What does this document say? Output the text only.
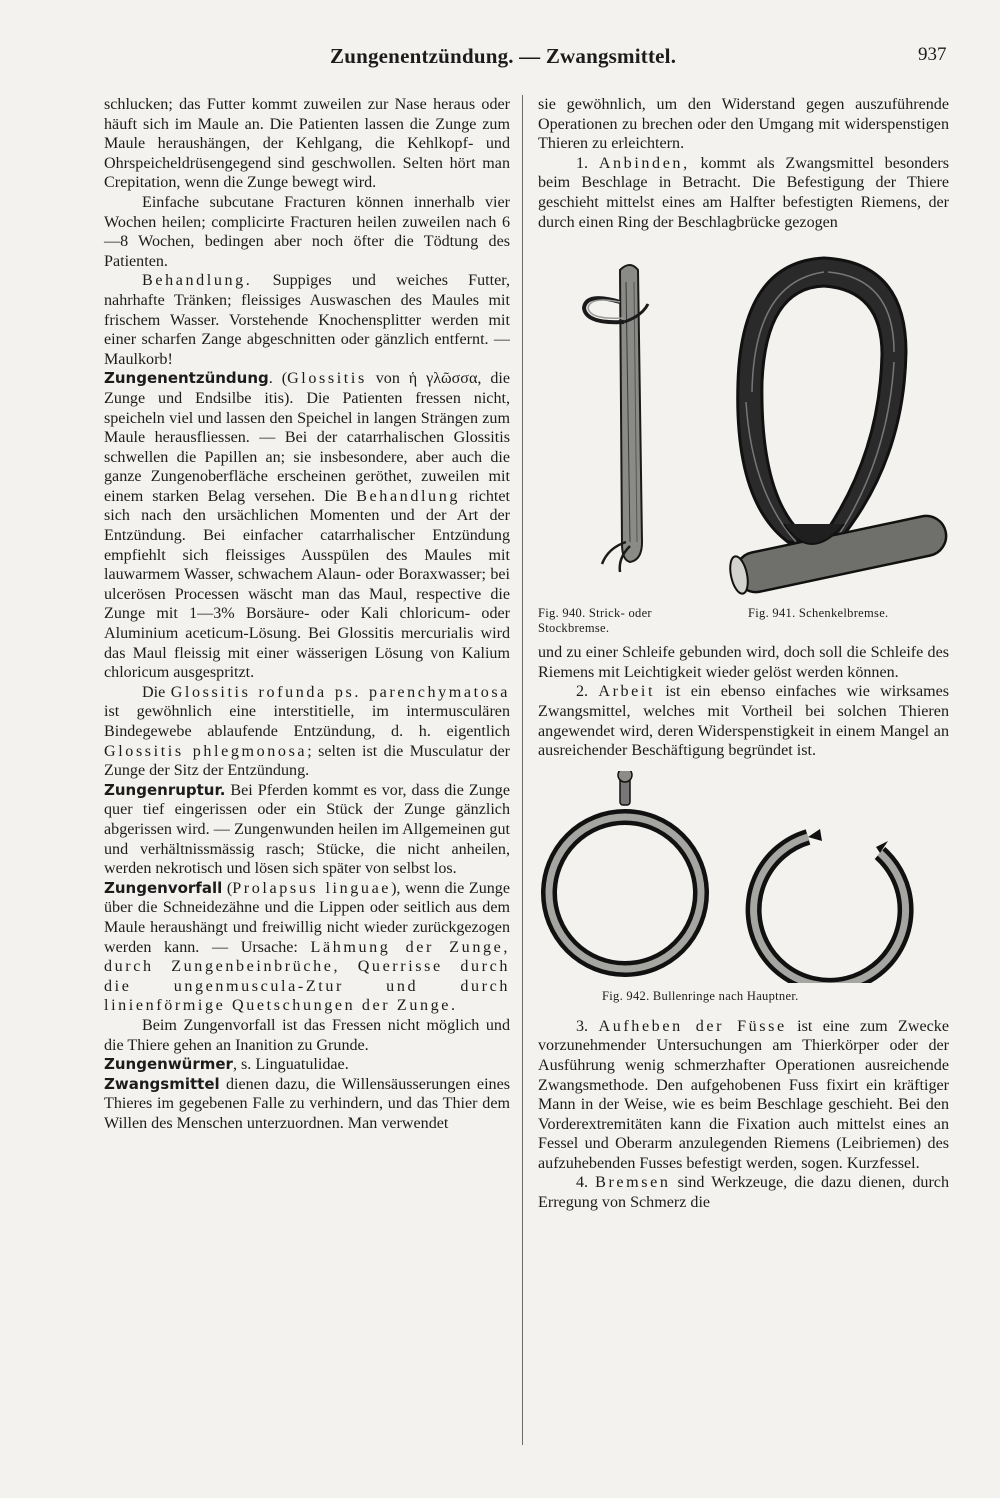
Zungenentzündung. — Zwangsmittel.	937

schlucken; das Futter kommt zuweilen zur Nase heraus oder häuft sich im Maule an. Die Patienten lassen die Zunge zum Maule heraushängen, der Kehlgang, die Kehlkopf- und Ohrspeicheldrüsengegend sind geschwollen. Selten hört man Crepitation, wenn die Zunge bewegt wird.

Einfache subcutane Fracturen können innerhalb vier Wochen heilen; complicirte Fracturen heilen zuweilen nach 6—8 Wochen, bedingen aber noch öfter die Tödtung des Patienten.

Behandlung. Suppiges und weiches Futter, nahrhafte Tränken; fleissiges Auswaschen des Maules mit frischem Wasser. Vorstehende Knochensplitter werden mit einer scharfen Zange abgeschnitten oder gänzlich entfernt. — Maulkorb!

Zungenentzündung. (Glossitis von ἡ γλῶσσα, die Zunge und Endsilbe itis). Die Patienten fressen nicht, speicheln viel und lassen den Speichel in langen Strängen zum Maule herausfliessen. — Bei der catarrhalischen Glossitis schwellen die Papillen an; sie insbesondere, aber auch die ganze Zungenoberfläche erscheinen geröthet, zuweilen mit einem starken Belag versehen. Die Behandlung richtet sich nach den ursächlichen Momenten und der Art der Entzündung. Bei einfacher catarrhalischer Entzündung empfiehlt sich fleissiges Ausspülen des Maules mit lauwarmem Wasser, schwachem Alaun- oder Boraxwasser; bei ulcerösen Processen wäscht man das Maul, respective die Zunge mit 1—3% Borsäure- oder Kali chloricum- oder Aluminium aceticum-Lösung. Bei Glossitis mercurialis wird das Maul fleissig mit einer wässerigen Lösung von Kalium chloricum ausgespritzt.

Die Glossitis rofunda ps. parenchymatosa ist gewöhnlich eine interstitielle, im intermusculären Bindegewebe ablaufende Entzündung, d. h. eigentlich Glossitis phlegmonosa; selten ist die Musculatur der Zunge der Sitz der Entzündung.

Zungenruptur. Bei Pferden kommt es vor, dass die Zunge quer tief eingerissen oder ein Stück der Zunge gänzlich abgerissen wird. — Zungenwunden heilen im Allgemeinen gut und verhältnissmässig rasch; Stücke, die nicht anheilen, werden nekrotisch und lösen sich später von selbst los.

Zungenvorfall (Prolapsus linguae), wenn die Zunge über die Schneidezähne und die Lippen oder seitlich aus dem Maule heraushängt und freiwillig nicht wieder zurückgezogen werden kann. — Ursache: Lähmung der Zunge, durch Zungenbeinbrüche, Querrisse durch die ungenmuscula-Ztur und durch linienförmige Quetschungen der Zunge.

Beim Zungenvorfall ist das Fressen nicht möglich und die Thiere gehen an Inanition zu Grunde.

Zungenwürmer, s. Linguatulidae.

Zwangsmittel dienen dazu, die Willensäusserungen eines Thieres im gegebenen Falle zu verhindern, und das Thier dem Willen des Menschen unterzuordnen. Man verwendet

sie gewöhnlich, um den Widerstand gegen auszuführende Operationen zu brechen oder den Umgang mit widerspenstigen Thieren zu erleichtern.

1. Anbinden, kommt als Zwangsmittel besonders beim Beschlage in Betracht. Die Befestigung der Thiere geschieht mittelst eines am Halfter befestigten Riemens, der durch einen Ring der Beschlagbrücke gezogen

Fig. 940. Strick- oder Stockbremse.
Fig. 941. Schenkelbremse.

und zu einer Schleife gebunden wird, doch soll die Schleife des Riemens mit Leichtigkeit wieder gelöst werden können.

2. Arbeit ist ein ebenso einfaches wie wirksames Zwangsmittel, welches mit Vortheil bei solchen Thieren angewendet wird, deren Widerspenstigkeit in einem Mangel an ausreichender Beschäftigung begründet ist.

Fig. 942. Bullenringe nach Hauptner.

3. Aufheben der Füsse ist eine zum Zwecke vorzunehmender Untersuchungen am Thierkörper oder der Ausführung wenig schmerzhafter Operationen ausreichende Zwangsmethode. Den aufgehobenen Fuss fixirt ein kräftiger Mann in der Weise, wie es beim Beschlage geschieht. Bei den Vorderextremitäten kann die Fixation auch mittelst eines an Fessel und Oberarm anzulegenden Riemens (Leibriemen) des aufzuhebenden Fusses befestigt werden, sogen. Kurzfessel.

4. Bremsen sind Werkzeuge, die dazu dienen, durch Erregung von Schmerz die
